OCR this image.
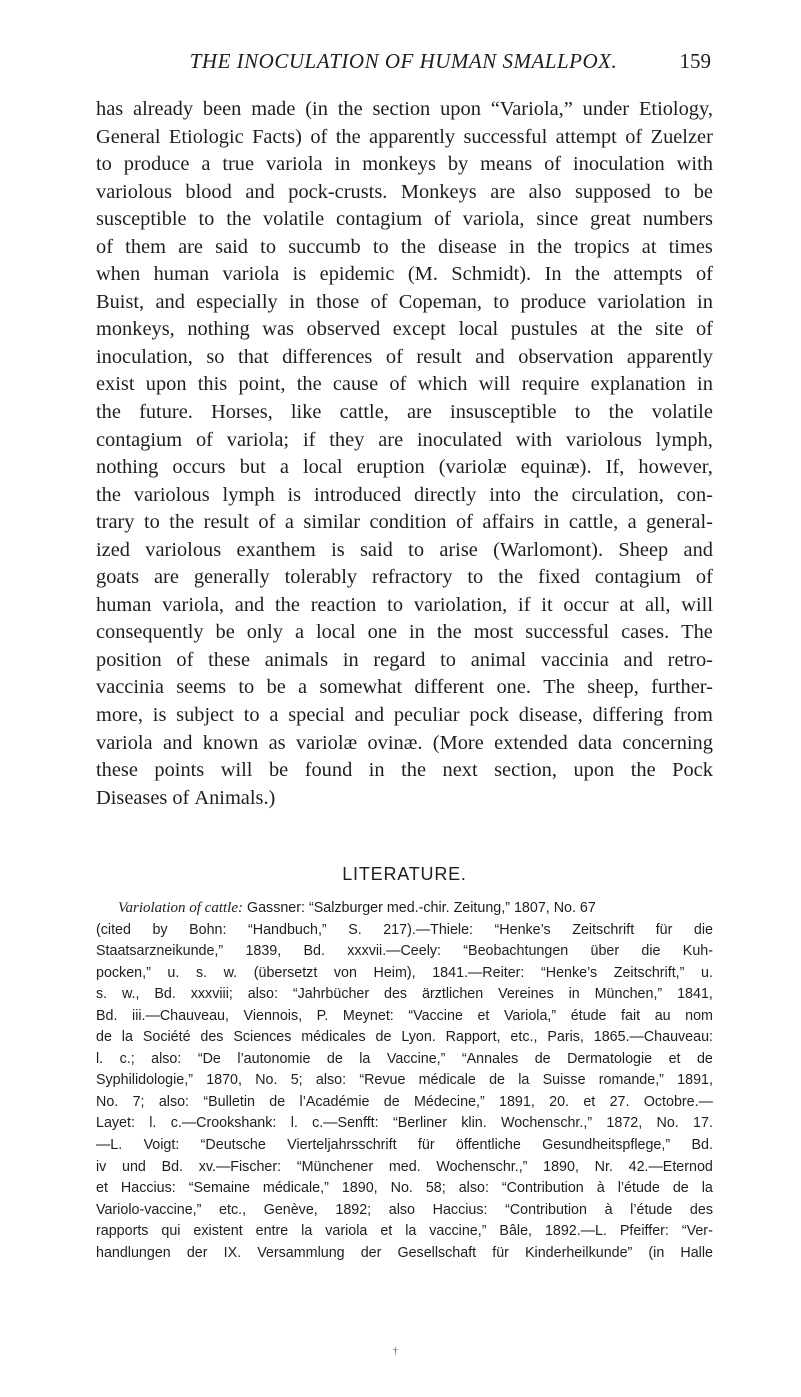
THE INOCULATION OF HUMAN SMALLPOX.	159
has already been made (in the section upon “Variola,” under Etiology,
General Etiologic Facts) of the apparently successful attempt of Zuelzer
to produce a true variola in monkeys by means of inoculation with
variolous blood and pock-crusts. Monkeys are also supposed to be
susceptible to the volatile contagium of variola, since great numbers
of them are said to succumb to the disease in the tropics at times
when human variola is epidemic (M. Schmidt). In the attempts of
Buist, and especially in those of Copeman, to produce variolation in
monkeys, nothing was observed except local pustules at the site of
inoculation, so that differences of result and observation apparently
exist upon this point, the cause of which will require explanation in
the future. Horses, like cattle, are insusceptible to the volatile
contagium of variola; if they are inoculated with variolous lymph,
nothing occurs but a local eruption (variolæ equinæ). If, however,
the variolous lymph is introduced directly into the circulation, con-
trary to the result of a similar condition of affairs in cattle, a general-
ized variolous exanthem is said to arise (Warlomont). Sheep and
goats are generally tolerably refractory to the fixed contagium of
human variola, and the reaction to variolation, if it occur at all, will
consequently be only a local one in the most successful cases. The
position of these animals in regard to animal vaccinia and retro-
vaccinia seems to be a somewhat different one. The sheep, further-
more, is subject to a special and peculiar pock disease, differing from
variola and known as variolæ ovinæ. (More extended data concerning
these points will be found in the next section, upon the Pock
Diseases of Animals.)
LITERATURE.
Variolation of cattle: Gassner: “Salzburger med.-chir. Zeitung,” 1807, No. 67
(cited by Bohn: “Handbuch,” S. 217).—Thiele: “Henke’s Zeitschrift für die
Staatsarzneikunde,” 1839, Bd. xxxvii.—Ceely: “Beobachtungen über die Kuh-
pocken,” u. s. w. (übersetzt von Heim), 1841.—Reiter: “Henke’s Zeitschrift,” u.
s. w., Bd. xxxviii; also: “Jahrbücher des ärztlichen Vereines in München,” 1841,
Bd. iii.—Chauveau, Viennois, P. Meynet: “Vaccine et Variola,” étude fait au nom
de la Société des Sciences médicales de Lyon. Rapport, etc., Paris, 1865.—Chauveau:
l. c.; also: “De l’autonomie de la Vaccine,” “Annales de Dermatologie et de
Syphilidologie,” 1870, No. 5; also: “Revue médicale de la Suisse romande,” 1891,
No. 7; also: “Bulletin de l’Académie de Médecine,” 1891, 20. et 27. Octobre.—
Layet: l. c.—Crookshank: l. c.—Senfft: “Berliner klin. Wochenschr.,” 1872, No. 17.
—L. Voigt: “Deutsche Vierteljahrsschrift für öffentliche Gesundheitspflege,” Bd.
iv und Bd. xv.—Fischer: “Münchener med. Wochenschr.,” 1890, Nr. 42.—Eternod
et Haccius: “Semaine médicale,” 1890, No. 58; also: “Contribution à l’étude de la
Variolo-vaccine,” etc., Genève, 1892; also Haccius: “Contribution à l’étude des
rapports qui existent entre la variola et la vaccine,” Bâle, 1892.—L. Pfeiffer: “Ver-
handlungen der IX. Versammlung der Gesellschaft für Kinderheilkunde” (in Halle
†
